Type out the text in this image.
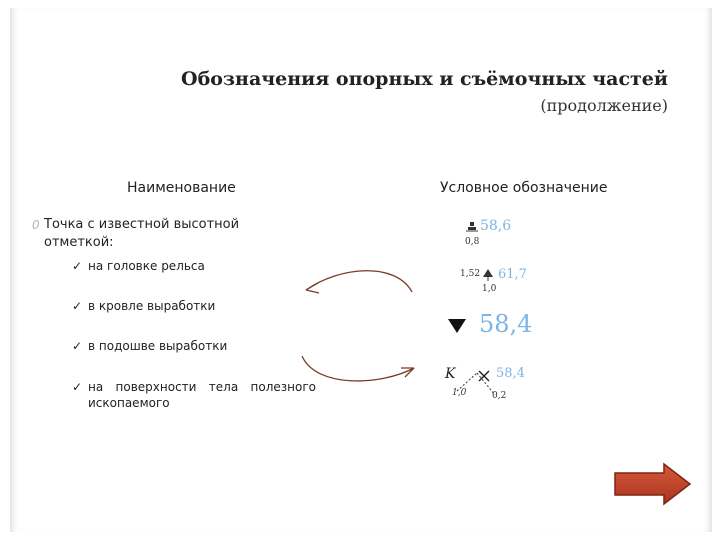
Обозначения опорных и съёмочных частей
(продолжение)
Наименование	Условное обозначение
0 Точка с известной высотной отметкой:
✓ на головке рельса
✓ в кровле выработки
✓ в подошве выработки
✓ на поверхности тела полезного ископаемого
58,6
0,8
1,52 61,7
1,0
58,4
K
1,0
58,4
0,2
